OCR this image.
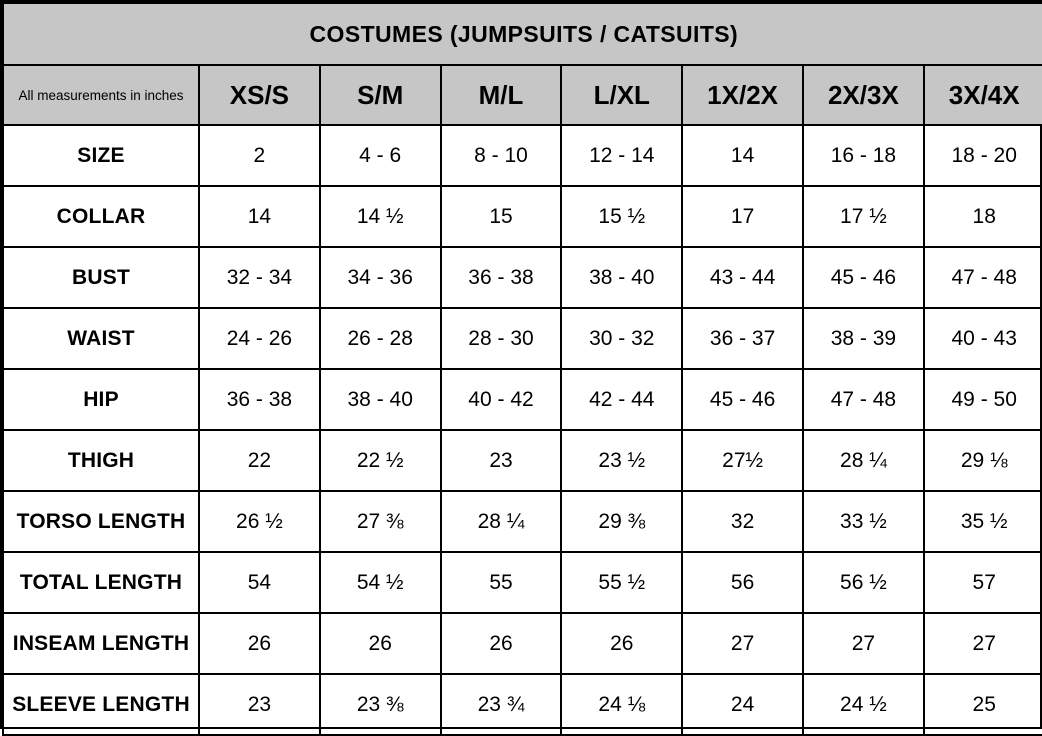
COSTUMES (JUMPSUITS / CATSUITS)							
All measurements in inches	XS/S	S/M	M/L	L/XL	1X/2X	2X/3X	3X/4X
SIZE	2	4 - 6	8 - 10	12 - 14	14	16 - 18	18 - 20
COLLAR	14	14 ½	15	15 ½	17	17 ½	18
BUST	32 - 34	34 - 36	36 - 38	38 - 40	43 - 44	45 - 46	47 - 48
WAIST	24 - 26	26 - 28	28 - 30	30 - 32	36 - 37	38 - 39	40 - 43
HIP	36 - 38	38 - 40	40 - 42	42 - 44	45 - 46	47 - 48	49 - 50
THIGH	22	22 ½	23	23 ½	27½	28 ¼	29 ⅛
TORSO LENGTH	26 ½	27 ⅜	28 ¼	29 ⅜	32	33 ½	35 ½
TOTAL LENGTH	54	54 ½	55	55 ½	56	56 ½	57
INSEAM LENGTH	26	26	26	26	27	27	27
SLEEVE LENGTH	23	23 ⅜	23 ¾	24 ⅛	24	24 ½	25
